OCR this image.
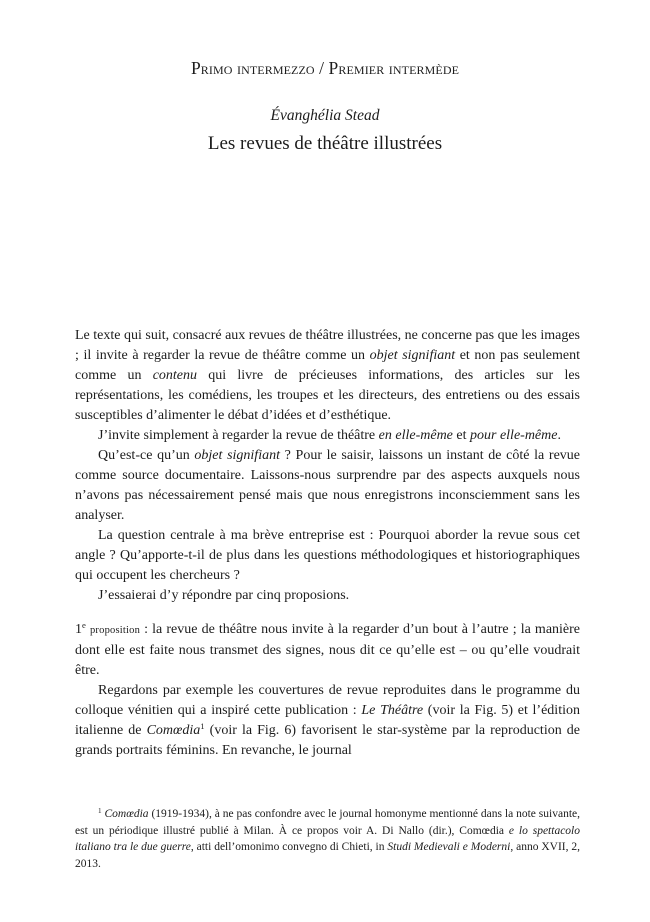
Primo intermezzo / Premier intermède
Évanghélia Stead
Les revues de théâtre illustrées

Le texte qui suit, consacré aux revues de théâtre illustrées, ne concerne pas que les images ; il invite à regarder la revue de théâtre comme un objet signifiant et non pas seulement comme un contenu qui livre de précieuses informations, des articles sur les représentations, les comédiens, les troupes et les directeurs, des entretiens ou des essais susceptibles d’alimenter le débat d’idées et d’esthétique.

J’invite simplement à regarder la revue de théâtre en elle-même et pour elle-même.

Qu’est-ce qu’un objet signifiant ? Pour le saisir, laissons un instant de côté la revue comme source documentaire. Laissons-nous surprendre par des aspects auxquels nous n’avons pas nécessairement pensé mais que nous enregistrons inconsciemment sans les analyser.

La question centrale à ma brève entreprise est : Pourquoi aborder la revue sous cet angle ? Qu’apporte-t-il de plus dans les questions méthodologiques et historiographiques qui occupent les chercheurs ?

J’essaierai d’y répondre par cinq proposions.

1e proposition : la revue de théâtre nous invite à la regarder d’un bout à l’autre ; la manière dont elle est faite nous transmet des signes, nous dit ce qu’elle est – ou qu’elle voudrait être.

Regardons par exemple les couvertures de revue reproduites dans le programme du colloque vénitien qui a inspiré cette publication : Le Théâtre (voir la Fig. 5) et l’édition italienne de Comœdia$^1$ (voir la Fig. 6) favorisent le star-système par la reproduction de grands portraits féminins. En revanche, le journal

$^1$ Comœdia (1919-1934), à ne pas confondre avec le journal homonyme mentionné dans la note suivante, est un périodique illustré publié à Milan. À ce propos voir A. Di Nallo (dir.), Comœdia e lo spettacolo italiano tra le due guerre, atti dell’omonimo convegno di Chieti, in Studi Medievali e Moderni, anno XVII, 2, 2013.
